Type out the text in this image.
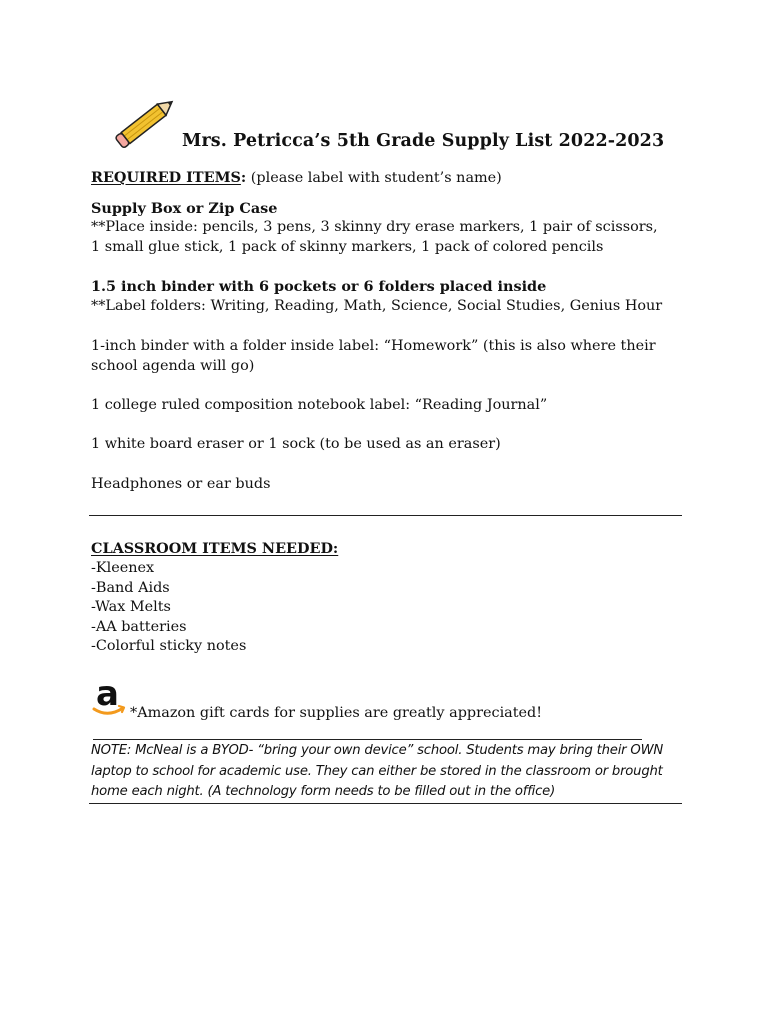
Mrs. Petricca’s 5th Grade Supply List 2022-2023
REQUIRED ITEMS: (please label with student’s name)
Supply Box or Zip Case
**Place inside: pencils, 3 pens, 3 skinny dry erase markers, 1 pair of scissors,
1 small glue stick, 1 pack of skinny markers, 1 pack of colored pencils
1.5 inch binder with 6 pockets or 6 folders placed inside
**Label folders: Writing, Reading, Math, Science, Social Studies, Genius Hour
1-inch binder with a folder inside label: “Homework” (this is also where their
school agenda will go)
1 college ruled composition notebook label: “Reading Journal”
1 white board eraser or 1 sock (to be used as an eraser)
Headphones or ear buds
CLASSROOM ITEMS NEEDED:
-Kleenex
-Band Aids
-Wax Melts
-AA batteries
-Colorful sticky notes
a *Amazon gift cards for supplies are greatly appreciated!
NOTE: McNeal is a BYOD- “bring your own device” school. Students may bring their OWN
laptop to school for academic use. They can either be stored in the classroom or brought
home each night. (A technology form needs to be filled out in the office)
